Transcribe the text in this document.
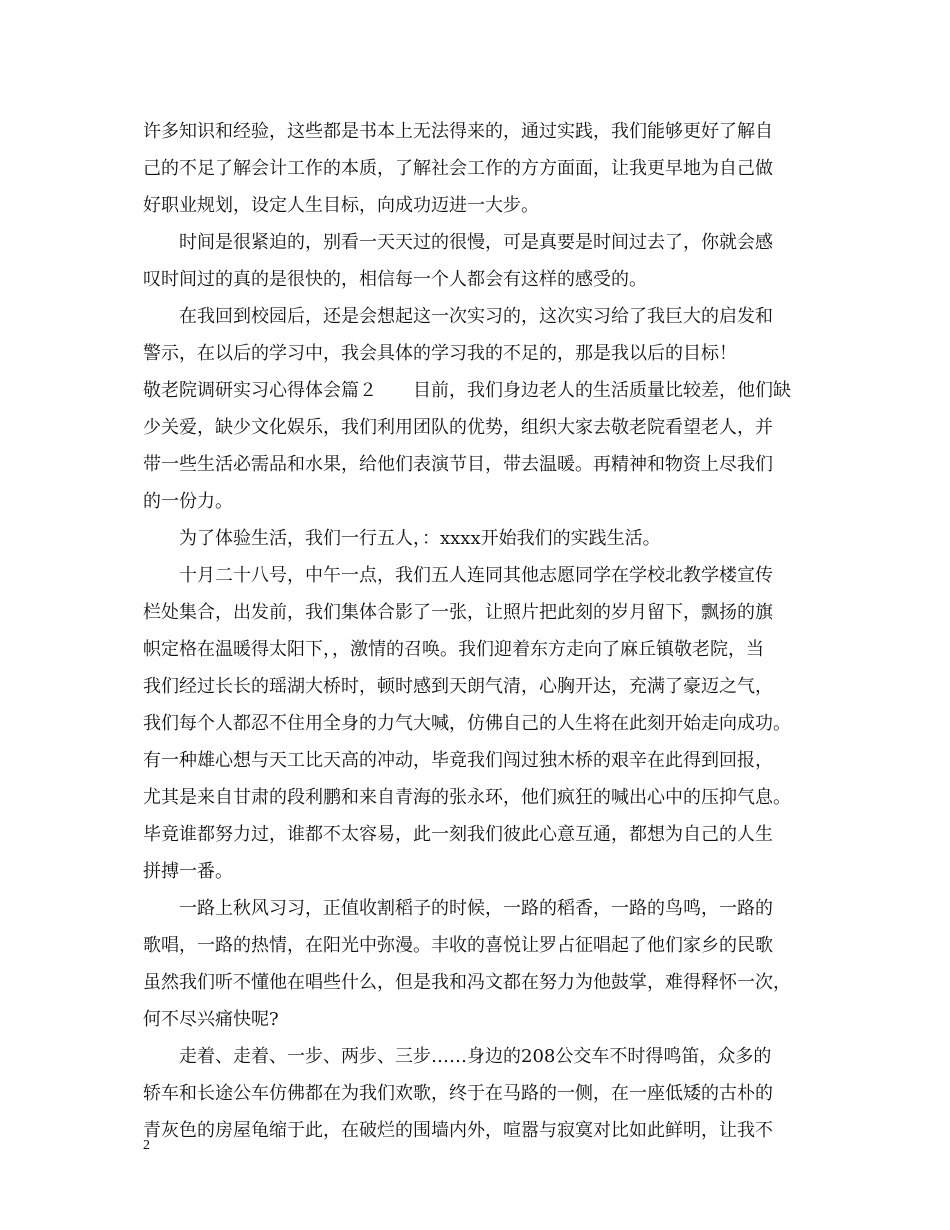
许多知识和经验，这些都是书本上无法得来的，通过实践，我们能够更好了解自
己的不足了解会计工作的本质，了解社会工作的方方面面，让我更早地为自己做
好职业规划，设定人生目标，向成功迈进一大步。
时间是很紧迫的，别看一天天过的很慢，可是真要是时间过去了，你就会感
叹时间过的真的是很快的，相信每一个人都会有这样的感受的。
在我回到校园后，还是会想起这一次实习的，这次实习给了我巨大的启发和
警示，在以后的学习中，我会具体的学习我的不足的，那是我以后的目标！
敬老院调研实习心得体会篇２　　目前，我们身边老人的生活质量比较差，他们缺
少关爱，缺少文化娱乐，我们利用团队的优势，组织大家去敬老院看望老人，并
带一些生活必需品和水果，给他们表演节目，带去温暖。再精神和物资上尽我们
的一份力。
为了体验生活，我们一行五人，：xxxx开始我们的实践生活。
十月二十八号，中午一点，我们五人连同其他志愿同学在学校北教学楼宣传
栏处集合，出发前，我们集体合影了一张，让照片把此刻的岁月留下，飘扬的旗
帜定格在温暖得太阳下，，激情的召唤。我们迎着东方走向了麻丘镇敬老院，当
我们经过长长的瑶湖大桥时，顿时感到天朗气清，心胸开达，充满了豪迈之气，
我们每个人都忍不住用全身的力气大喊，仿佛自己的人生将在此刻开始走向成功。
有一种雄心想与天工比天高的冲动，毕竟我们闯过独木桥的艰辛在此得到回报，
尤其是来自甘肃的段利鹏和来自青海的张永环，他们疯狂的喊出心中的压抑气息。
毕竟谁都努力过，谁都不太容易，此一刻我们彼此心意互通，都想为自己的人生
拼搏一番。
一路上秋风习习，正值收割稻子的时候，一路的稻香，一路的鸟鸣，一路的
歌唱，一路的热情，在阳光中弥漫。丰收的喜悦让罗占征唱起了他们家乡的民歌
虽然我们听不懂他在唱些什么，但是我和冯文都在努力为他鼓掌，难得释怀一次，
何不尽兴痛快呢?
走着、走着、一步、两步、三步……身边的208公交车不时得鸣笛，众多的
轿车和长途公车仿佛都在为我们欢歌，终于在马路的一侧，在一座低矮的古朴的
青灰色的房屋龟缩于此，在破烂的围墙内外，喧嚣与寂寞对比如此鲜明，让我不
2
